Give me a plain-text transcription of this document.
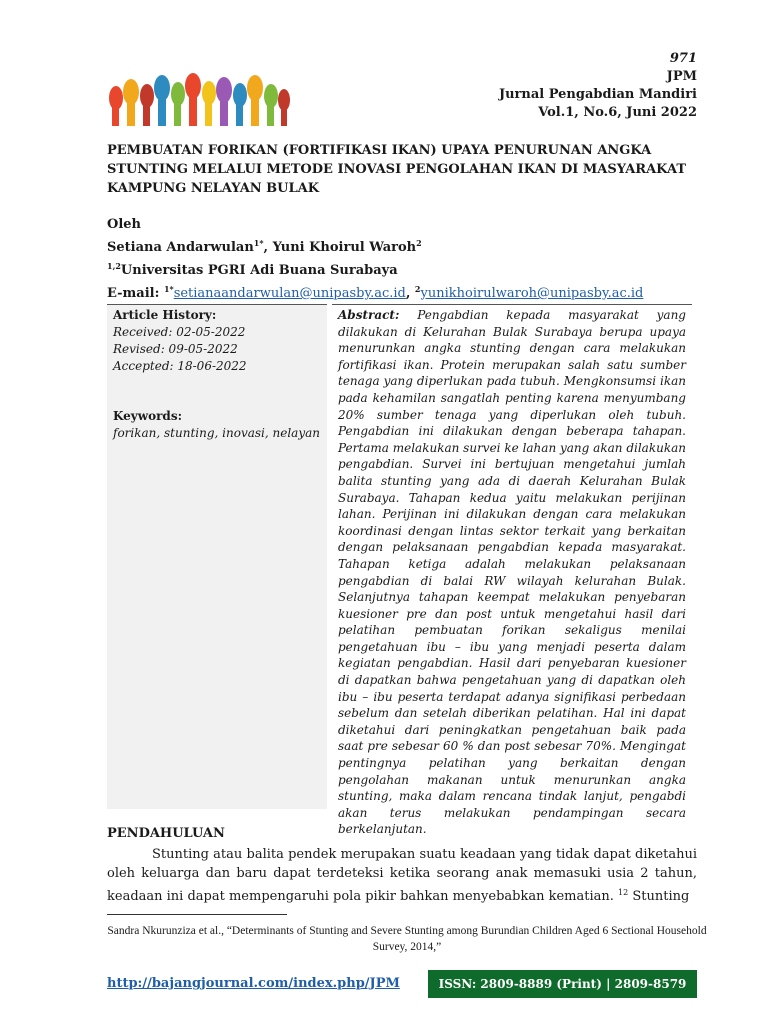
971
JPM
Jurnal Pengabdian Mandiri
Vol.1, No.6, Juni 2022
PEMBUATAN FORIKAN (FORTIFIKASI IKAN) UPAYA PENURUNAN ANGKA STUNTING MELALUI METODE INOVASI PENGOLAHAN IKAN DI MASYARAKAT KAMPUNG NELAYAN BULAK
Oleh
Setiana Andarwulan$^{1*}$, Yuni Khoirul Waroh$^2$
$^{1,2}$Universitas PGRI Adi Buana Surabaya
E-mail: $^{1*}$setianaandarwulan@unipasby.ac.id, $^2$yunikhoirulwaroh@unipasby.ac.id
Article History:
Received: 02-05-2022
Revised: 09-05-2022
Accepted: 18-06-2022
Keywords:
forikan, stunting, inovasi, nelayan

Abstract: Pengabdian kepada masyarakat yang dilakukan di Kelurahan Bulak Surabaya berupa upaya menurunkan angka stunting dengan cara melakukan fortifikasi ikan. Protein merupakan salah satu sumber tenaga yang diperlukan pada tubuh. Mengkonsumsi ikan pada kehamilan sangatlah penting karena menyumbang 20% sumber tenaga yang diperlukan oleh tubuh. Pengabdian ini dilakukan dengan beberapa tahapan. Pertama melakukan survei ke lahan yang akan dilakukan pengabdian. Survei ini bertujuan mengetahui jumlah balita stunting yang ada di daerah Kelurahan Bulak Surabaya. Tahapan kedua yaitu melakukan perijinan lahan. Perijinan ini dilakukan dengan cara melakukan koordinasi dengan lintas sektor terkait yang berkaitan dengan pelaksanaan pengabdian kepada masyarakat. Tahapan ketiga adalah melakukan pelaksanaan pengabdian di balai RW wilayah kelurahan Bulak. Selanjutnya tahapan keempat melakukan penyebaran kuesioner pre dan post untuk mengetahui hasil dari pelatihan pembuatan forikan sekaligus menilai pengetahuan ibu – ibu yang menjadi peserta dalam kegiatan pengabdian. Hasil dari penyebaran kuesioner di dapatkan bahwa pengetahuan yang di dapatkan oleh ibu – ibu peserta terdapat adanya signifikasi perbedaan sebelum dan setelah diberikan pelatihan. Hal ini dapat diketahui dari peningkatkan pengetahuan baik pada saat pre sebesar 60 % dan post sebesar 70%. Mengingat pentingnya pelatihan yang berkaitan dengan pengolahan makanan untuk menurunkan angka stunting, maka dalam rencana tindak lanjut, pengabdi akan terus melakukan pendampingan secara berkelanjutan.

PENDAHULUAN

Stunting atau balita pendek merupakan suatu keadaan yang tidak dapat diketahui oleh keluarga dan baru dapat terdeteksi ketika seorang anak memasuki usia 2 tahun, keadaan ini dapat mempengaruhi pola pikir bahkan menyebabkan kematian. $^{12}$ Stunting

Sandra Nkurunziza et al., “Determinants of Stunting and Severe Stunting among Burundian Children Aged 6 Sectional Household Survey, 2014,”
http://bajangjournal.com/index.php/JPM	ISSN: 2809-8889 (Print) | 2809-8579 (Online)
